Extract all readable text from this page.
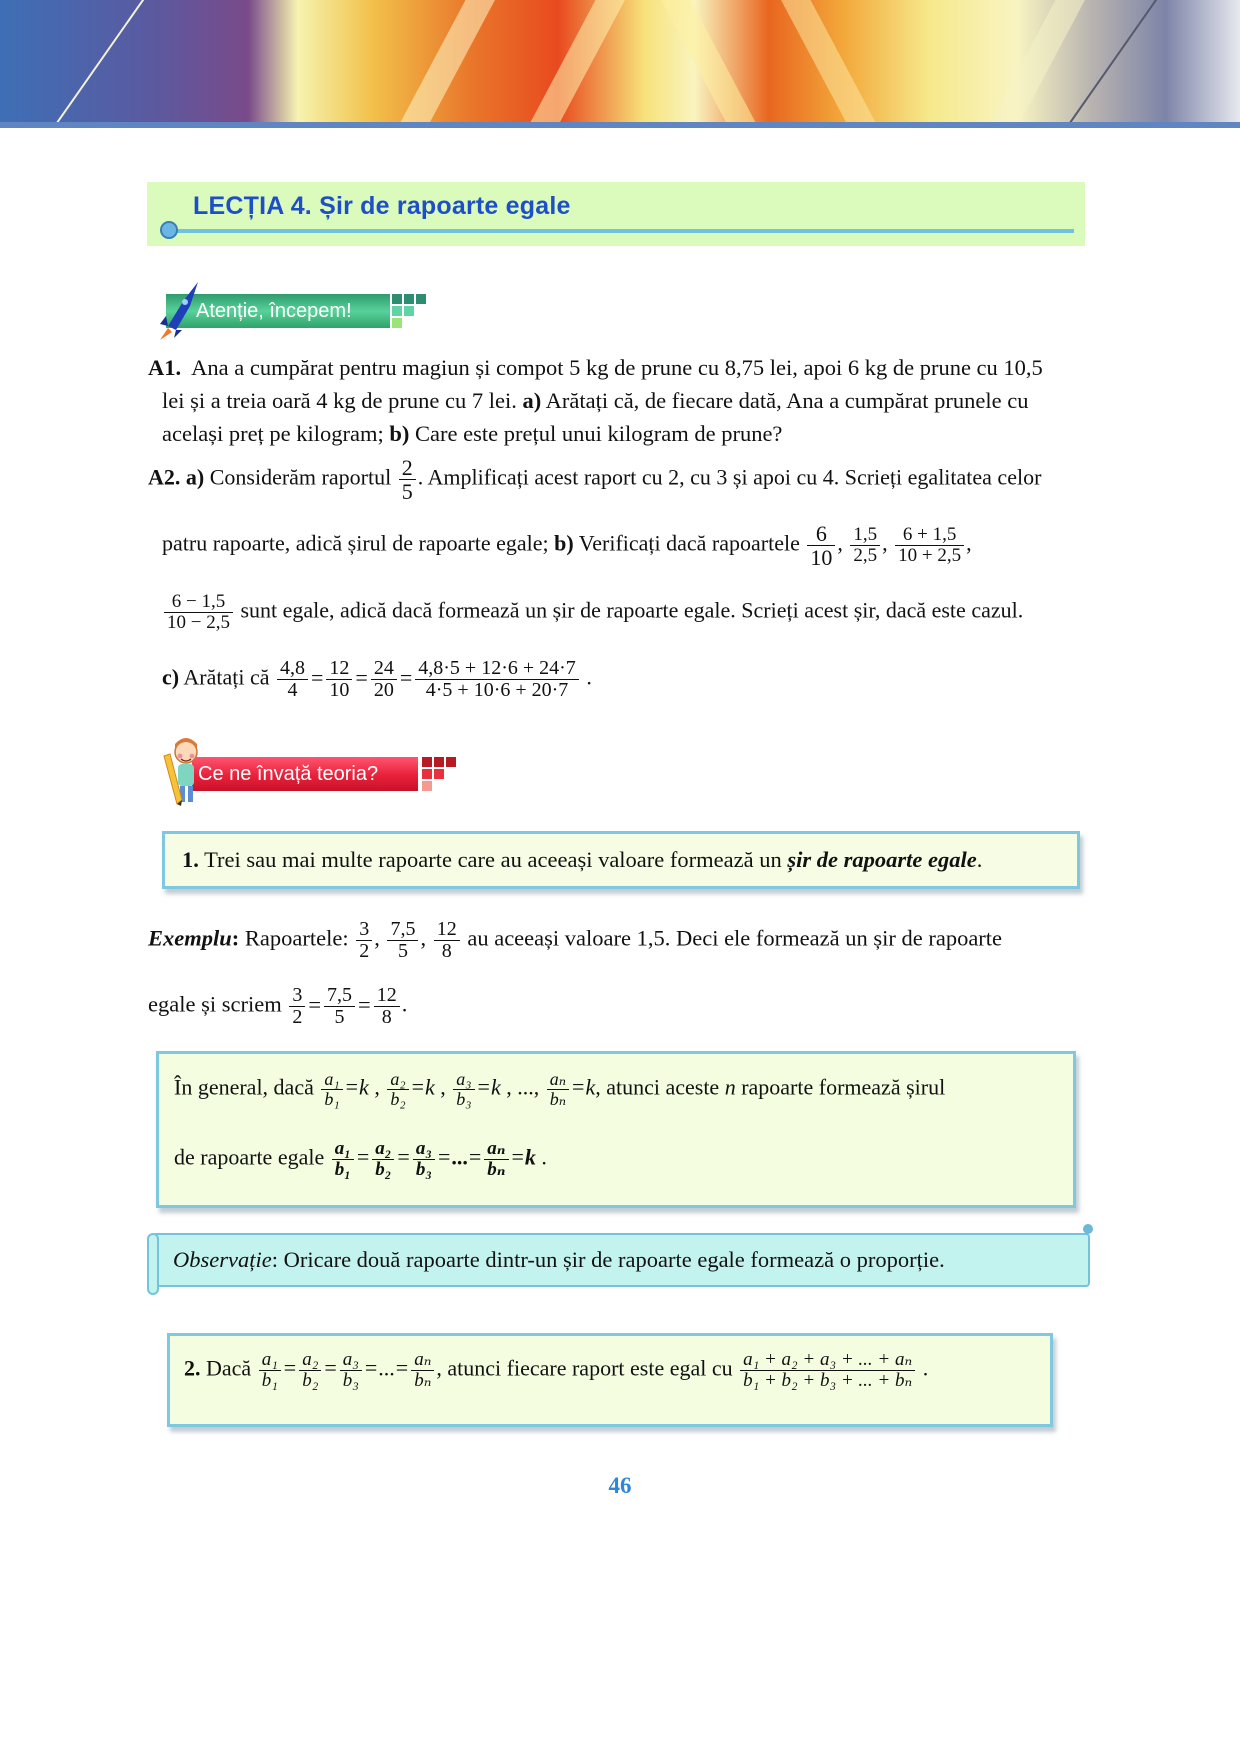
LECȚIA 4. Șir de rapoarte egale
Atenție, începem!
A1. Ana a cumpărat pentru magiun și compot 5 kg de prune cu 8,75 lei, apoi 6 kg de prune cu 10,5
lei și a treia oară 4 kg de prune cu 7 lei. a) Arătați că, de fiecare dată, Ana a cumpărat prunele cu
același preț pe kilogram; b) Care este prețul unui kilogram de prune?
A2. a) Considerăm raportul $\frac{2}{5}$ . Amplificați acest raport cu 2, cu 3 și apoi cu 4. Scrieți egalitatea celor
patru rapoarte, adică șirul de rapoarte egale; b) Verificați dacă rapoartele $\frac{6}{10}$ , $\frac{1,5}{2,5}$ , $\frac{6 + 1,5}{10 + 2,5}$ ,
$\frac{6 - 1,5}{10 - 2,5}$ sunt egale, adică dacă formează un șir de rapoarte egale. Scrieți acest șir, dacă este cazul.
c) Arătați că $\frac{4,8}{4} = \frac{12}{10} = \frac{24}{20} = \frac{4,8\cdot 5 + 12\cdot 6 + 24\cdot 7}{4\cdot 5 + 10\cdot 6 + 20\cdot 7}$ .
Ce ne învață teoria?
1. Trei sau mai multe rapoarte care au aceeași valoare formează un șir de rapoarte egale.
Exemplu: Rapoartele: $\frac{3}{2}$ , $\frac{7,5}{5}$ , $\frac{12}{8}$ au aceeași valoare 1,5. Deci ele formează un șir de rapoarte
egale și scriem $\frac{3}{2} = \frac{7,5}{5} = \frac{12}{8}$ .
În general, dacă $\frac{\text{a₁}}{\text{b₁}} =k$ , $\frac{\text{a₂}}{\text{b₂}} =k$ , $\frac{\text{a₃}}{\text{b₃}} =k$ , ..., $\frac{\text{aₙ}}{\text{bₙ}} =k$, atunci aceste n rapoarte formează șirul
de rapoarte egale $\frac{\text{a₁}}{\text{b₁}} = \frac{\text{a₂}}{\text{b₂}} = \frac{\text{a₃}}{\text{b₃}}$ =...= $\frac{\text{aₙ}}{\text{bₙ}} =k$ .
Observație: Oricare două rapoarte dintr-un șir de rapoarte egale formează o proporție.
2. Dacă $\frac{\text{a₁}}{\text{b₁}} = \frac{\text{a₂}}{\text{b₂}} = \frac{\text{a₃}}{\text{b₃}}$ =...= $\frac{\text{aₙ}}{\text{bₙ}}$ , atunci fiecare raport este egal cu $\frac{\text{a₁ + a₂ + a₃ + ... + aₙ}}{\text{b₁ + b₂ + b₃ + ... + bₙ}}$ .
46
